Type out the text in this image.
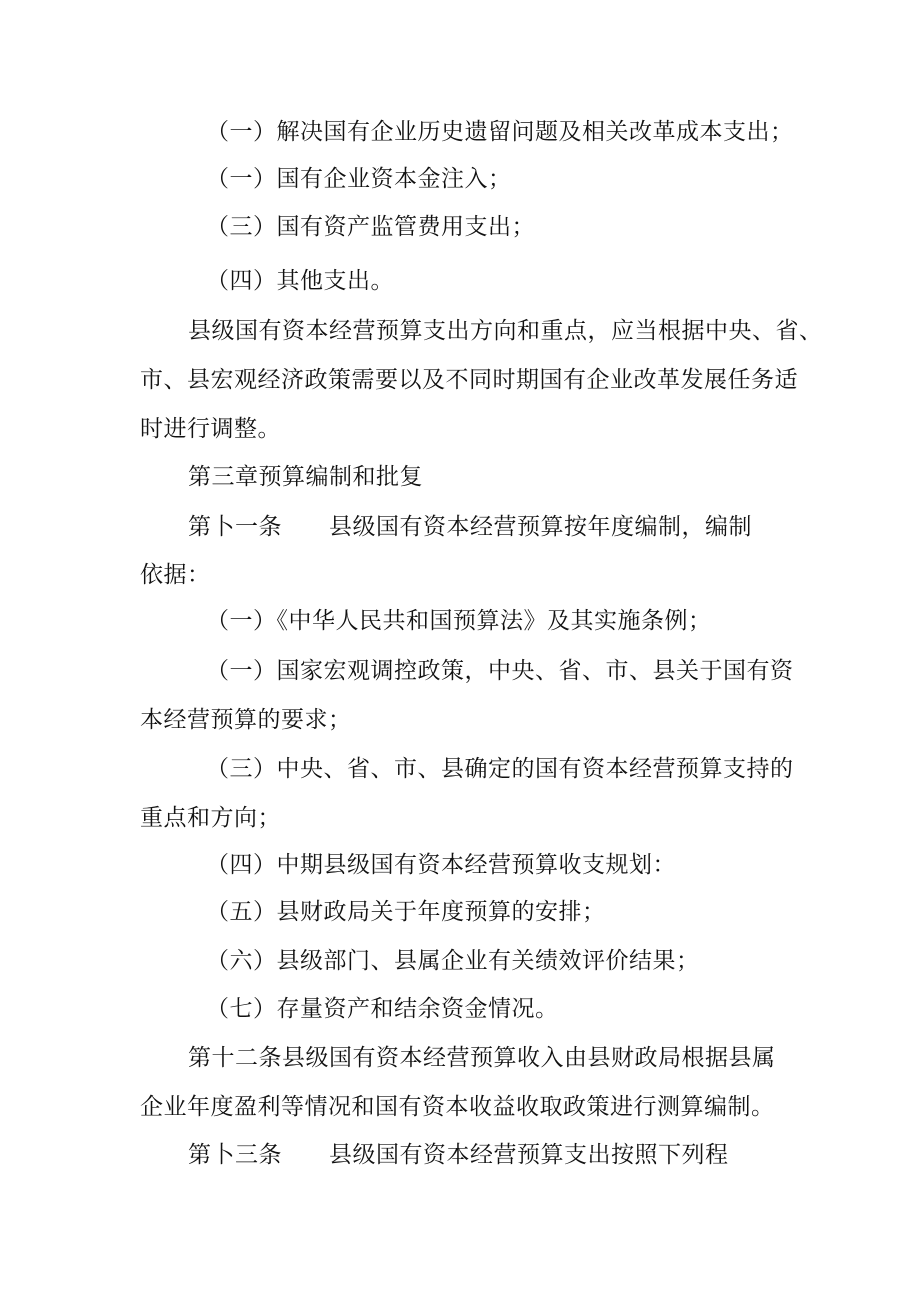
（一）解决国有企业历史遗留问题及相关改革成本支出；
（一）国有企业资本金注入；
（三）国有资产监管费用支出；
（四）其他支出。
县级国有资本经营预算支出方向和重点，应当根据中央、省、
市、县宏观经济政策需要以及不同时期国有企业改革发展任务适
时进行调整。
第三章预算编制和批复
第卜一条　　县级国有资本经营预算按年度编制，编制
依据：
（一）《中华人民共和国预算法》及其实施条例；
（一）国家宏观调控政策，中央、省、市、县关于国有资
本经营预算的要求；
（三）中央、省、市、县确定的国有资本经营预算支持的
重点和方向；
（四）中期县级国有资本经营预算收支规划：
（五）县财政局关于年度预算的安排；
（六）县级部门、县属企业有关绩效评价结果；
（七）存量资产和结余资金情况。
第十二条县级国有资本经营预算收入由县财政局根据县属
企业年度盈利等情况和国有资本收益收取政策进行测算编制。
第卜三条　　县级国有资本经营预算支出按照下列程
